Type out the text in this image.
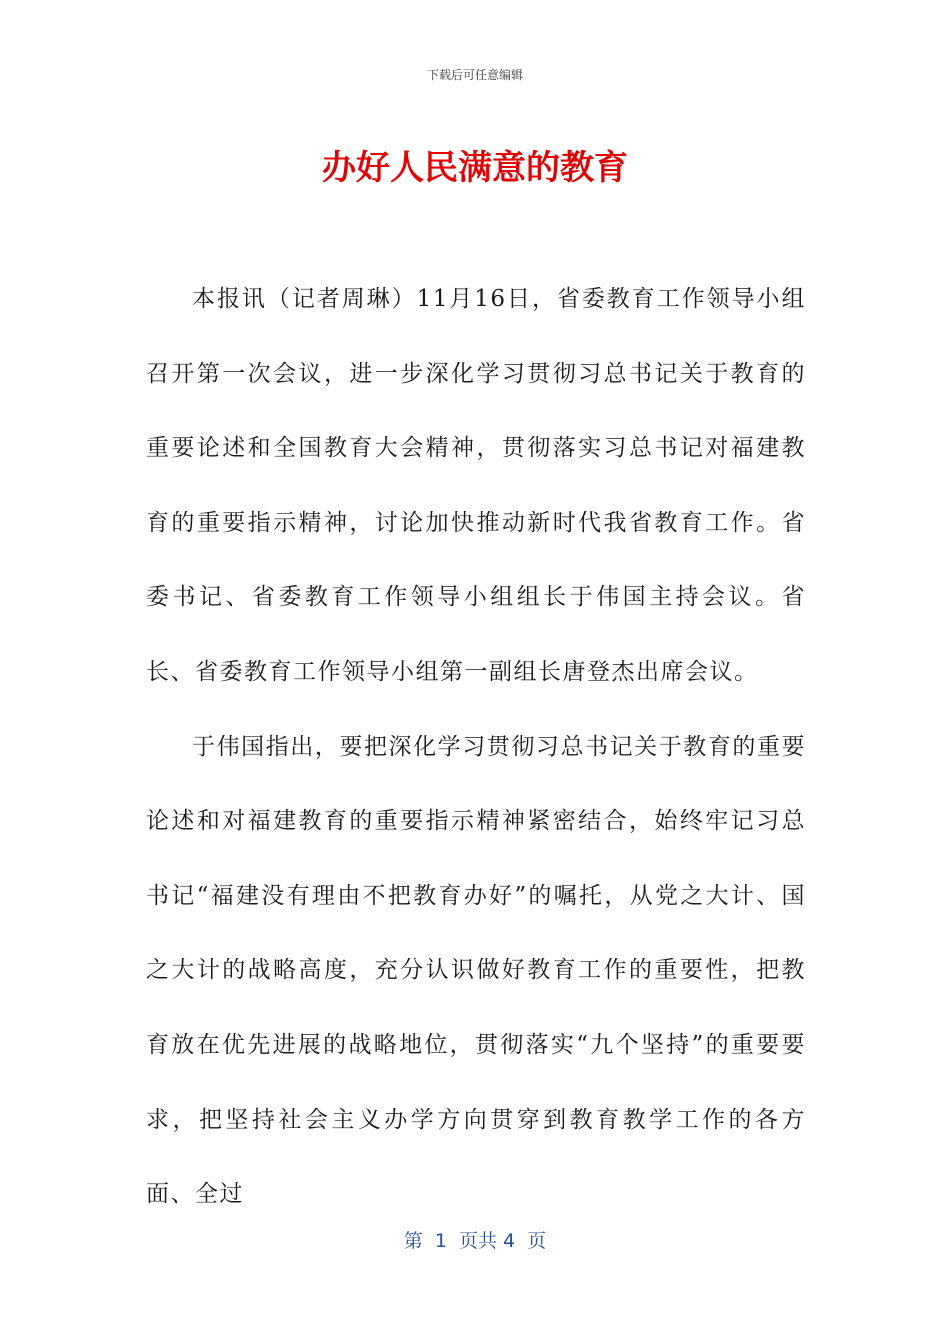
下载后可任意编辑
办好人民满意的教育

本报讯（记者周琳）11月16日，省委教育工作领导小组召开第一次会议，进一步深化学习贯彻习总书记关于教育的重要论述和全国教育大会精神，贯彻落实习总书记对福建教育的重要指示精神，讨论加快推动新时代我省教育工作。省委书记、省委教育工作领导小组组长于伟国主持会议。省长、省委教育工作领导小组第一副组长唐登杰出席会议。

于伟国指出，要把深化学习贯彻习总书记关于教育的重要论述和对福建教育的重要指示精神紧密结合，始终牢记习总书记“福建没有理由不把教育办好”的嘱托，从党之大计、国之大计的战略高度，充分认识做好教育工作的重要性，把教育放在优先进展的战略地位，贯彻落实“九个坚持”的重要要求，把坚持社会主义办学方向贯穿到教育教学工作的各方面、全过

第  1  页共 4  页
